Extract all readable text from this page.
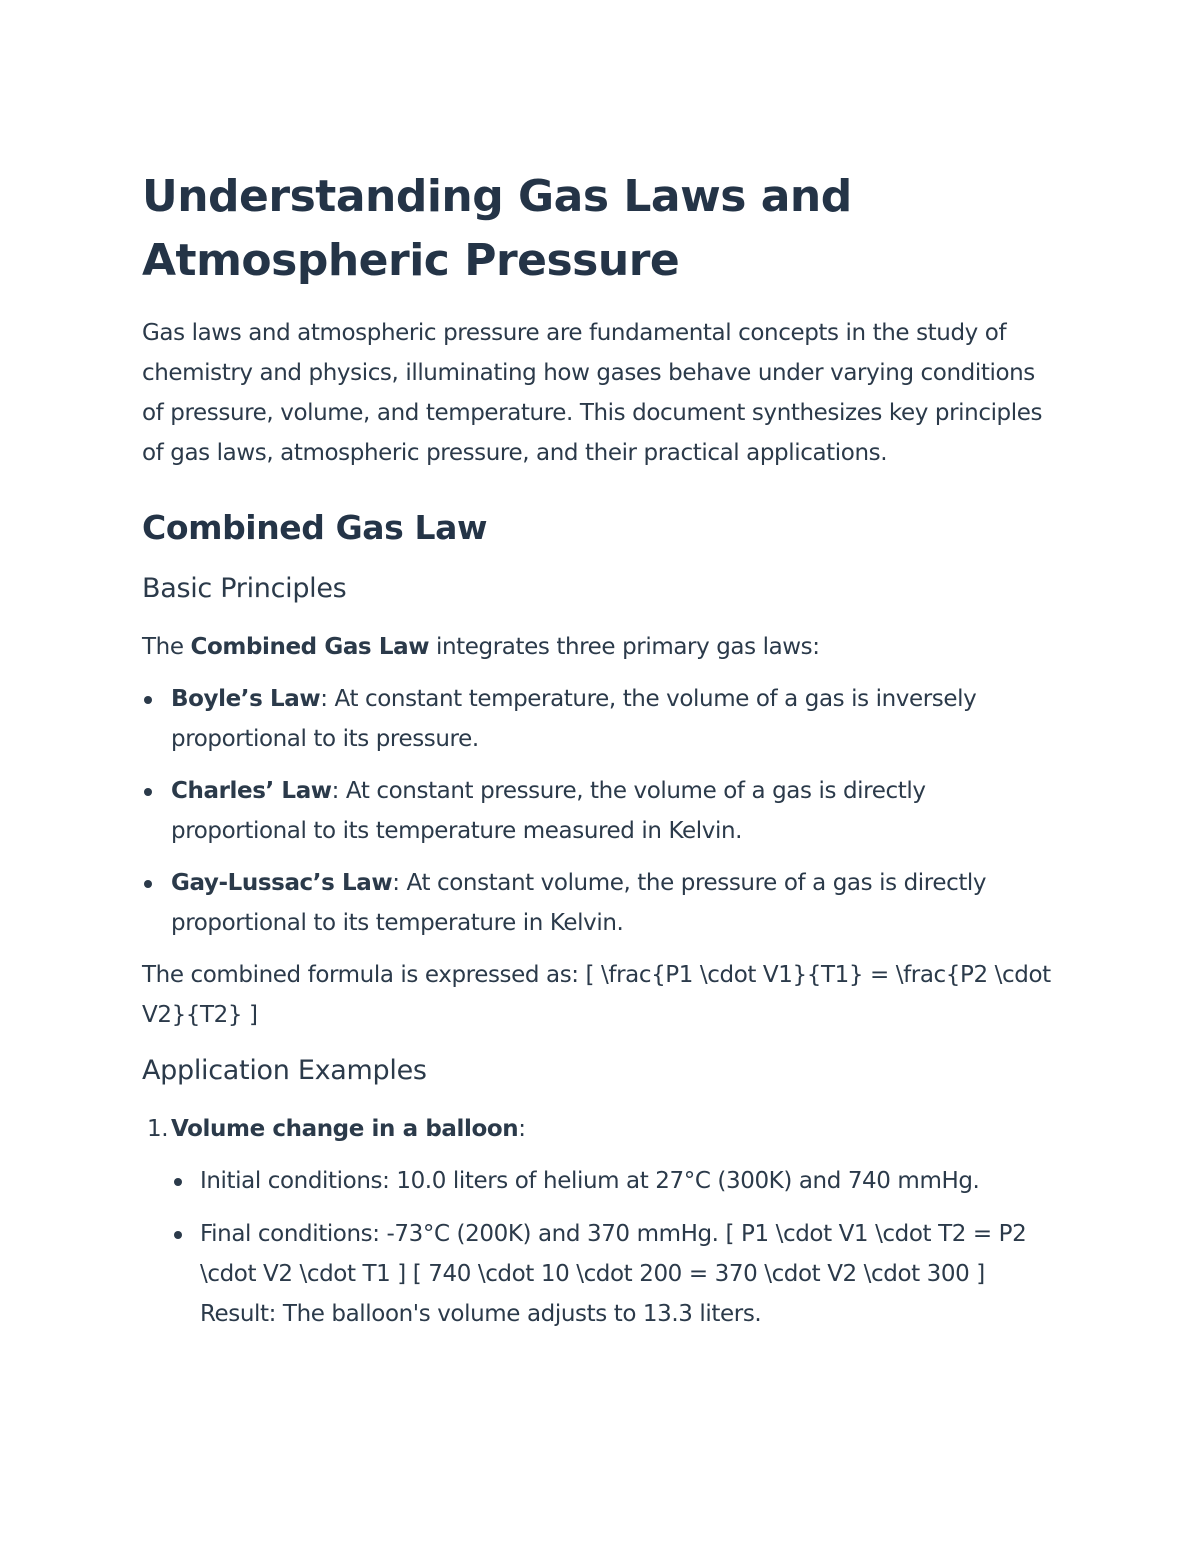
Understanding Gas Laws and Atmospheric Pressure

Gas laws and atmospheric pressure are fundamental concepts in the study of chemistry and physics, illuminating how gases behave under varying conditions of pressure, volume, and temperature. This document synthesizes key principles of gas laws, atmospheric pressure, and their practical applications.

Combined Gas Law
Basic Principles

The Combined Gas Law integrates three primary gas laws:

Boyle’s Law: At constant temperature, the volume of a gas is inversely proportional to its pressure.
Charles’ Law: At constant pressure, the volume of a gas is directly proportional to its temperature measured in Kelvin.
Gay-Lussac’s Law: At constant volume, the pressure of a gas is directly proportional to its temperature in Kelvin.

The combined formula is expressed as: [ \frac{P1 \cdot V1}{T1} = \frac{P2 \cdot V2}{T2} ]

Application Examples
1. Volume change in a balloon:
Initial conditions: 10.0 liters of helium at 27°C (300K) and 740 mmHg.
Final conditions: -73°C (200K) and 370 mmHg. [ P1 \cdot V1 \cdot T2 = P2 \cdot V2 \cdot T1 ] [ 740 \cdot 10 \cdot 200 = 370 \cdot V2 \cdot 300 ] Result: The balloon's volume adjusts to 13.3 liters.
